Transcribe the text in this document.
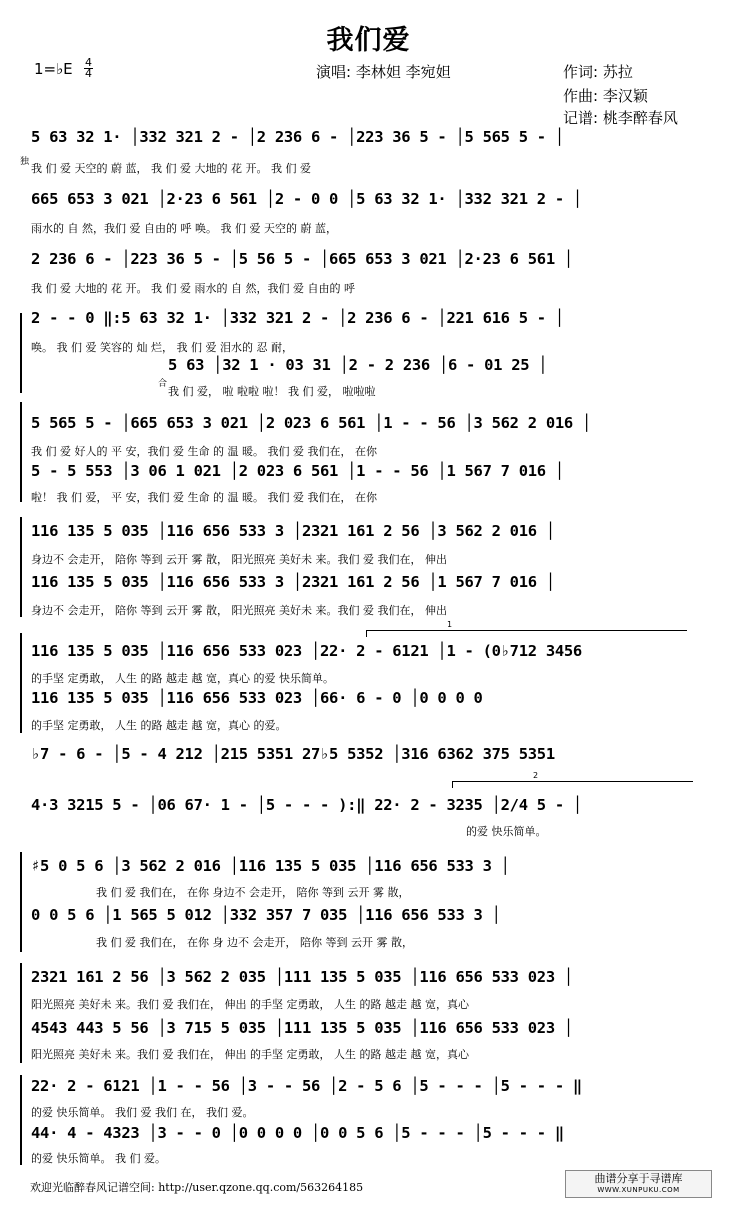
我们爱
1=♭E 4
4	演唱: 李林妲 李宛妲	作词: 苏拉
作曲: 李汉颖
记谱: 桃李醉春风
独
合
1
2
5 63 32 1· │332 321 2 - │2 236 6 - │223 36 5 - │5 565 5 - │
我 们 爱 天空的 蔚 蓝， 我 们 爱 大地的 花 开。 我 们 爱
665 653 3 021 │2·23 6 561 │2 - 0 0 │5 63 32 1· │332 321 2 - │
雨水的 自 然，我们 爱 自由的 呼 唤。 我 们 爱 天空的 蔚 蓝，
2 236 6 - │223 36 5 - │5 56 5 - │665 653 3 021 │2·23 6 561 │
我 们 爱 大地的 花 开。 我 们 爱 雨水的 自 然，我们 爱 自由的 呼
2 - - 0 ‖:5 63 32 1· │332 321 2 - │2 236 6 - │221 616 5 - │
唤。 我 们 爱 笑容的 灿 烂， 我 们 爱 泪水的 忍 耐，
5 63 │32 1 · 03 31 │2 - 2 236 │6 - 01 25 │
我 们 爱， 啦 啦啦 啦！ 我 们 爱， 啦啦啦
5 565 5 - │665 653 3 021 │2 023 6 561 │1 - - 56 │3 562 2 016 │
我 们 爱 好人的 平 安，我们 爱 生命 的 温 暖。 我们 爱 我们在， 在你
5 - 5 553 │3 06 1 021 │2 023 6 561 │1 - - 56 │1 567 7 016 │
啦！ 我 们 爱， 平 安，我们 爱 生命 的 温 暖。 我们 爱 我们在， 在你
116 135 5 035 │116 656 533 3 │2321 161 2 56 │3 562 2 016 │
身边不 会走开， 陪你 等到 云开 雾 散， 阳光照亮 美好未 来。我们 爱 我们在， 伸出
116 135 5 035 │116 656 533 3 │2321 161 2 56 │1 567 7 016 │
身边不 会走开， 陪你 等到 云开 雾 散， 阳光照亮 美好未 来。我们 爱 我们在， 伸出
116 135 5 035 │116 656 533 023 │22· 2 - 6121 │1 - (0♭712 3456
的手坚 定勇敢， 人生 的路 越走 越 宽，真心 的爱 快乐简单。
116 135 5 035 │116 656 533 023 │66· 6 - 0 │0 0 0 0
的手坚 定勇敢， 人生 的路 越走 越 宽，真心 的爱。
♭7 - 6 - │5 - 4 212 │215 5351 27♭5 5352 │316 6362 375 5351
4·3 3215 5 - │06 67· 1 - │5 - - - ):‖ 22· 2 - 3235 │2/4 5 - │
的爱 快乐简单。
♯5 0 5 6 │3 562 2 016 │116 135 5 035 │116 656 533 3 │
我 们 爱 我们在， 在你 身边不 会走开， 陪你 等到 云开 雾 散，
0 0 5 6 │1 565 5 012 │332 357 7 035 │116 656 533 3 │
我 们 爱 我们在， 在你 身 边不 会走开， 陪你 等到 云开 雾 散，
2321 161 2 56 │3 562 2 035 │111 135 5 035 │116 656 533 023 │
阳光照亮 美好未 来。我们 爱 我们在， 伸出 的手坚 定勇敢， 人生 的路 越走 越 宽，真心
4543 443 5 56 │3 715 5 035 │111 135 5 035 │116 656 533 023 │
阳光照亮 美好未 来。我们 爱 我们在， 伸出 的手坚 定勇敢， 人生 的路 越走 越 宽，真心
22· 2 - 6121 │1 - - 56 │3 - - 56 │2 - 5 6 │5 - - - │5 - - - ‖
的爱 快乐简单。 我们 爱 我们 在， 我们 爱。
44· 4 - 4323 │3 - - 0 │0 0 0 0 │0 0 5 6 │5 - - - │5 - - - ‖
的爱 快乐简单。 我 们 爱。
欢迎光临醉春风记谱空间: http://user.qzone.qq.com/563264185
曲谱分享于寻谱库
WWW.XUNPUKU.COM
